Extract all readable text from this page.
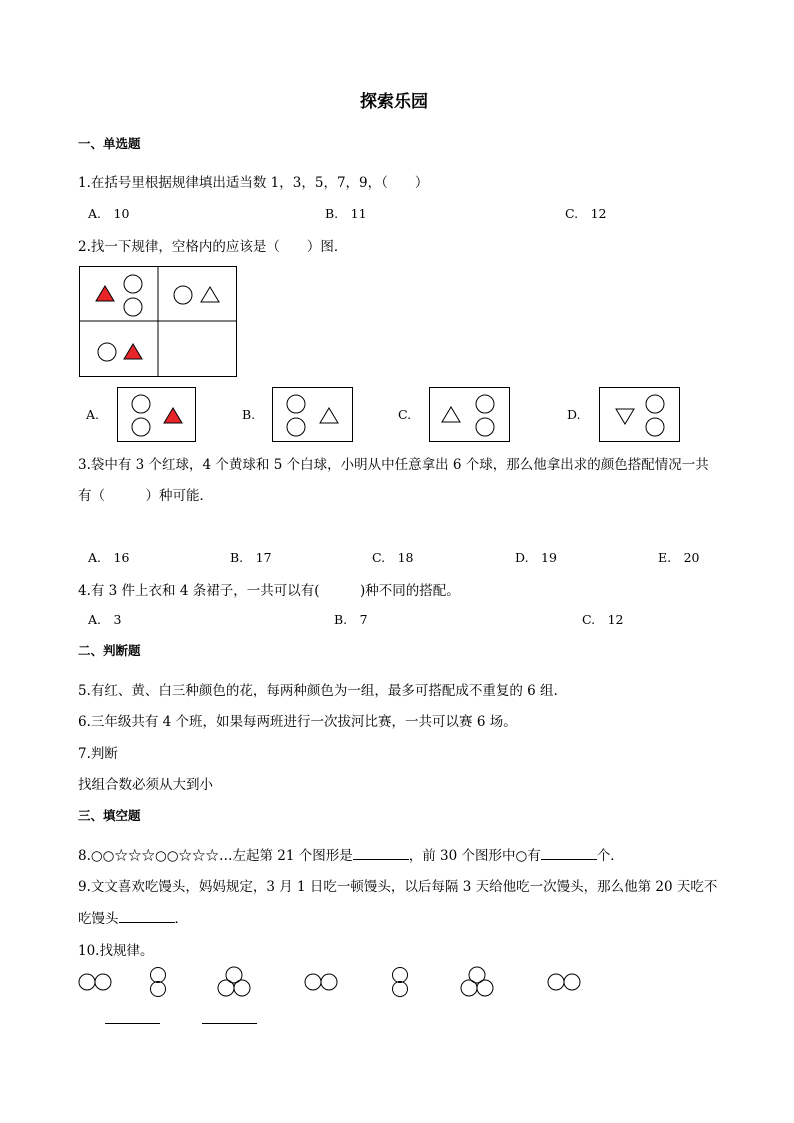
探索乐园
一、单选题
1.在括号里根据规律填出适当数 1，3，5，7，9，（　　）
A.　10	B.　11	C.　12
2.找一下规律，空格内的应该是（　　）图．
A.	B.	C.	D.
3.袋中有 3 个红球，4 个黄球和 5 个白球，小明从中任意拿出 6 个球，那么他拿出求的颜色搭配情况一共
有（　　　）种可能．
A.　16	B.　17	C.　18	D.　19	E.　20
4.有 3 件上衣和 4 条裙子，一共可以有(　　　)种不同的搭配。
A.　3	B.　7	C.　12
二、判断题
5.有红、黄、白三种颜色的花，每两种颜色为一组，最多可搭配成不重复的 6 组.
6.三年级共有 4 个班，如果每两班进行一次拔河比赛，一共可以赛 6 场。
7.判断
找组合数必须从大到小
三、填空题
8.○○☆☆☆○○☆☆☆…左起第 21 个图形是	，前 30 个图形中○有	个．
9.文文喜欢吃馒头，妈妈规定，3 月 1 日吃一顿馒头，以后每隔 3 天给他吃一次馒头，那么他第 20 天吃不
吃馒头	．
10.找规律。
